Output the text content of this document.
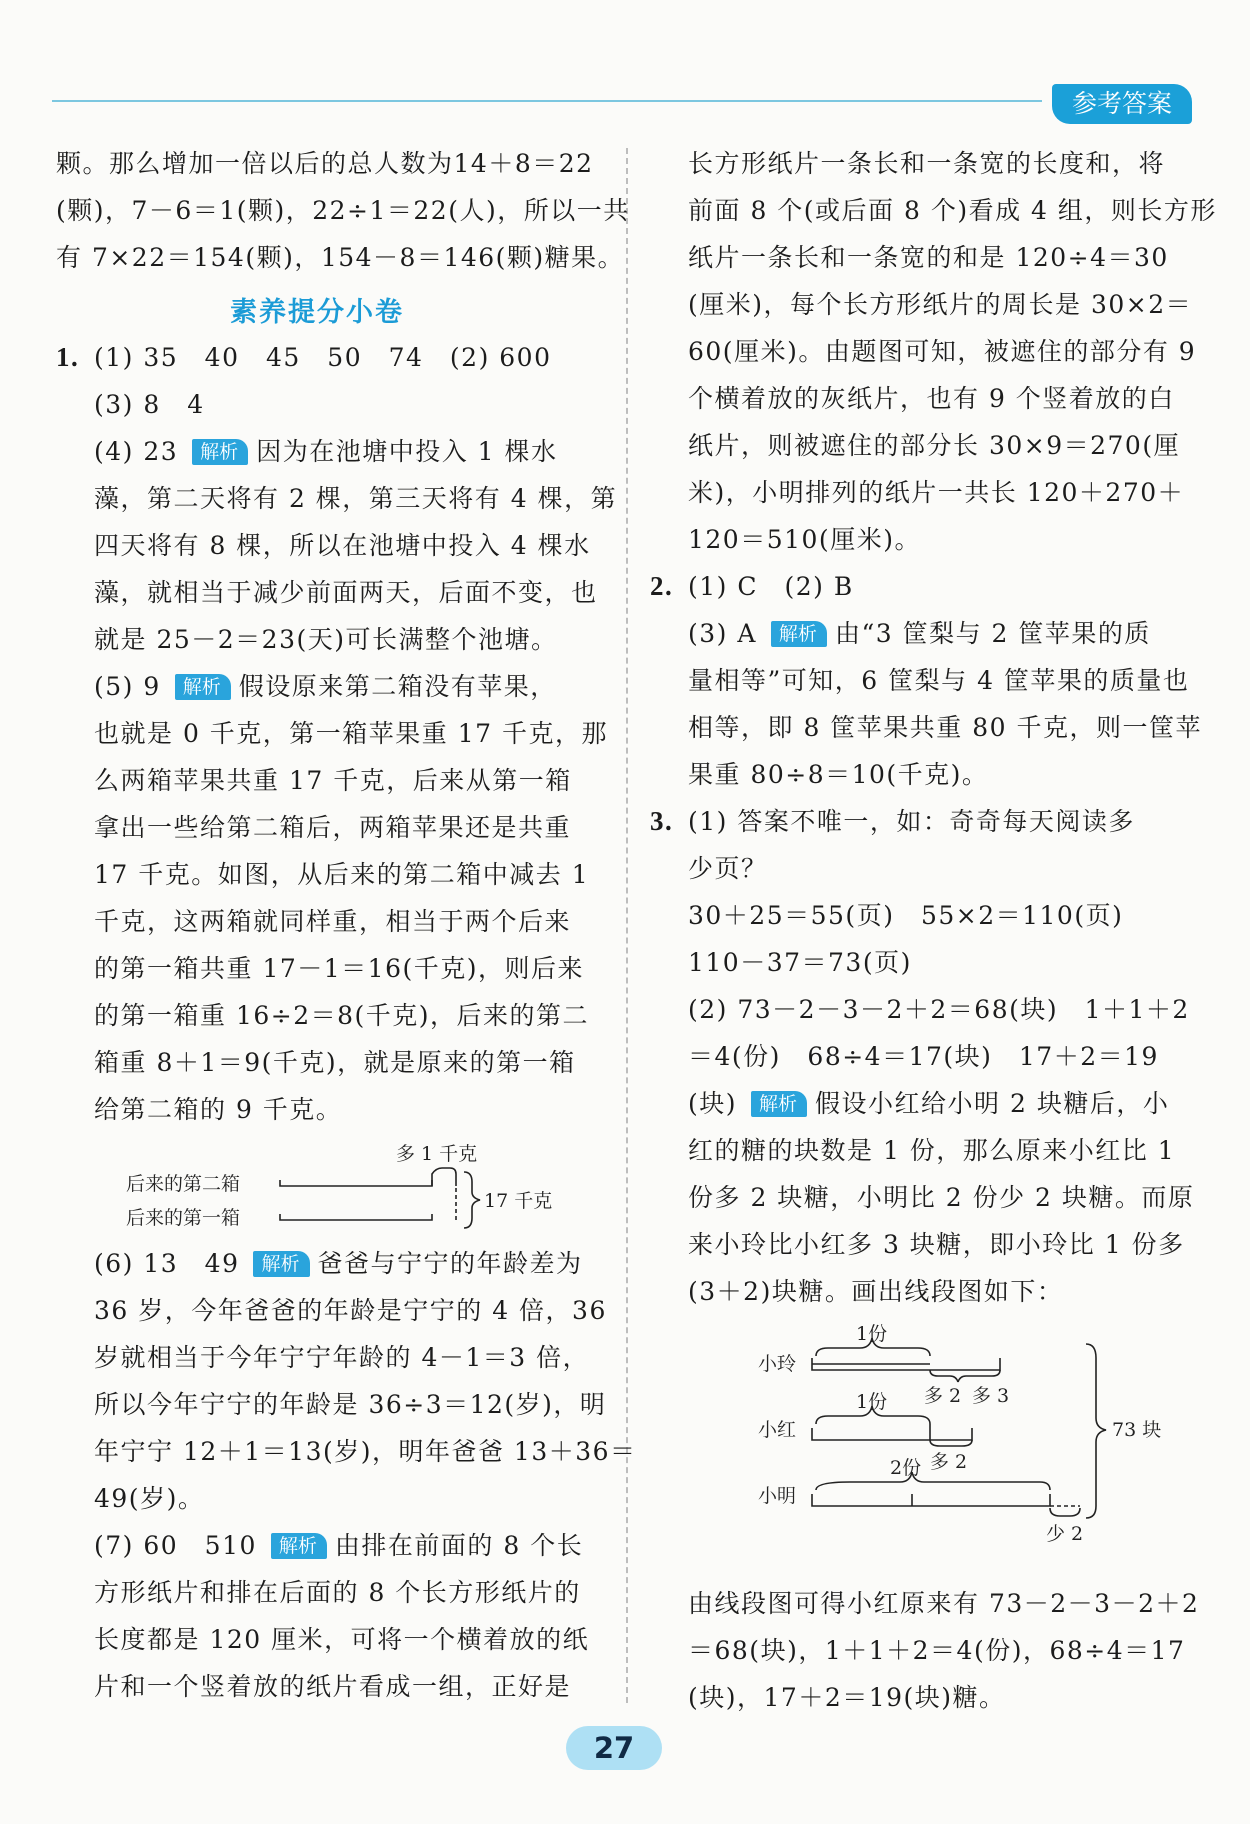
参考答案

颗。那么增加一倍以后的总人数为14＋8＝22
(颗)，7－6＝1(颗)，22÷1＝22(人)，所以一共
有 7×22＝154(颗)，154－8＝146(颗)糖果。

素养提分小卷

1. (1) 35　40　45　50　74　(2) 600
(3) 8　4
(4) 23 解析 因为在池塘中投入 1 棵水
藻，第二天将有 2 棵，第三天将有 4 棵，第
四天将有 8 棵，所以在池塘中投入 4 棵水
藻，就相当于减少前面两天，后面不变，也
就是 25－2＝23(天)可长满整个池塘。
(5) 9 解析 假设原来第二箱没有苹果，
也就是 0 千克，第一箱苹果重 17 千克，那
么两箱苹果共重 17 千克，后来从第一箱
拿出一些给第二箱后，两箱苹果还是共重
17 千克。如图，从后来的第二箱中减去 1
千克，这两箱就同样重，相当于两个后来
的第一箱共重 17－1＝16(千克)，则后来
的第一箱重 16÷2＝8(千克)，后来的第二
箱重 8＋1＝9(千克)，就是原来的第一箱
给第二箱的 9 千克。

多 1 千克
后来的第二箱
后来的第一箱
17 千克

(6) 13　49 解析 爸爸与宁宁的年龄差为
36 岁，今年爸爸的年龄是宁宁的 4 倍，36
岁就相当于今年宁宁年龄的 4－1＝3 倍，
所以今年宁宁的年龄是 36÷3＝12(岁)，明
年宁宁 12＋1＝13(岁)，明年爸爸 13＋36＝
49(岁)。
(7) 60　510 解析 由排在前面的 8 个长
方形纸片和排在后面的 8 个长方形纸片的
长度都是 120 厘米，可将一个横着放的纸
片和一个竖着放的纸片看成一组，正好是

长方形纸片一条长和一条宽的长度和，将
前面 8 个(或后面 8 个)看成 4 组，则长方形
纸片一条长和一条宽的和是 120÷4＝30
(厘米)，每个长方形纸片的周长是 30×2＝
60(厘米)。由题图可知，被遮住的部分有 9
个横着放的灰纸片，也有 9 个竖着放的白
纸片，则被遮住的部分长 30×9＝270(厘
米)，小明排列的纸片一共长 120＋270＋
120＝510(厘米)。
2. (1) C　(2) B
(3) A 解析 由“3 筐梨与 2 筐苹果的质
量相等”可知，6 筐梨与 4 筐苹果的质量也
相等，即 8 筐苹果共重 80 千克，则一筐苹
果重 80÷8＝10(千克)。
3. (1) 答案不唯一，如：奇奇每天阅读多
少页？
30＋25＝55(页)　55×2＝110(页)
110－37＝73(页)
(2) 73－2－3－2＋2＝68(块)　1＋1＋2
＝4(份)　68÷4＝17(块)　17＋2＝19
(块) 解析 假设小红给小明 2 块糖后，小
红的糖的块数是 1 份，那么原来小红比 1
份多 2 块糖，小明比 2 份少 2 块糖。而原
来小玲比小红多 3 块糖，即小玲比 1 份多
(3＋2)块糖。画出线段图如下：

小玲
1份
多 2 多 3
小红
1份
多 2
小明
2份
少 2
73 块

由线段图可得小红原来有 73－2－3－2＋2
＝68(块)，1＋1＋2＝4(份)，68÷4＝17
(块)，17＋2＝19(块)糖。

27
